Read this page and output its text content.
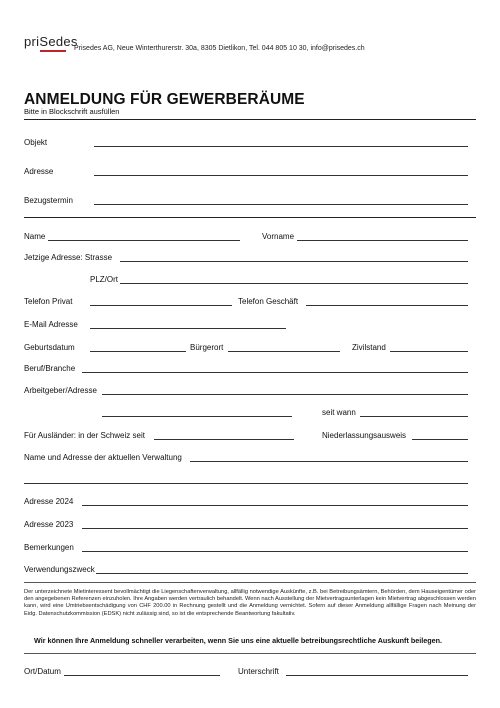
priSedes
Prisedes AG, Neue Winterthurerstr. 30a, 8305 Dietlikon, Tel. 044 805 10 30, info@prisedes.ch
ANMELDUNG FÜR GEWERBERÄUME
Bitte in Blockschrift ausfüllen
Objekt
Adresse
Bezugstermin
Name	Vorname
Jetzige Adresse: Strasse
PLZ/Ort
Telefon Privat	Telefon Geschäft
E-Mail Adresse
Geburtsdatum	Bürgerort	Zivilstand
Beruf/Branche
Arbeitgeber/Adresse
seit wann
Für Ausländer: in der Schweiz seit	Niederlassungsausweis
Name und Adresse der aktuellen Verwaltung
Adresse 2024
Adresse 2023
Bemerkungen
Verwendungszweck
Der unterzeichnete Mietinteressent bevollmächtigt die Liegenschaftenverwaltung, allfällig notwendige Auskünfte, z.B. bei Betreibungsämtern, Behörden, dem Hauseigentümer oder den angegebenen Referenzen einzuholen. Ihre Angaben werden vertraulich behandelt. Wenn nach Ausstellung der Mietvertragsunterlagen kein Mietvertrag abgeschlossen werden kann, wird eine Umtriebsentschädigung von CHF 200.00 in Rechnung gestellt und die Anmeldung vernichtet. Sofern auf dieser Anmeldung allfällige Fragen nach Meinung der Eidg. Datenschutzkommission (EDSK) nicht zulässig sind, so ist die entsprechende Beantwortung fakultativ.
Wir können Ihre Anmeldung schneller verarbeiten, wenn Sie uns eine aktuelle betreibungsrechtliche Auskunft beilegen.
Ort/Datum	Unterschrift
